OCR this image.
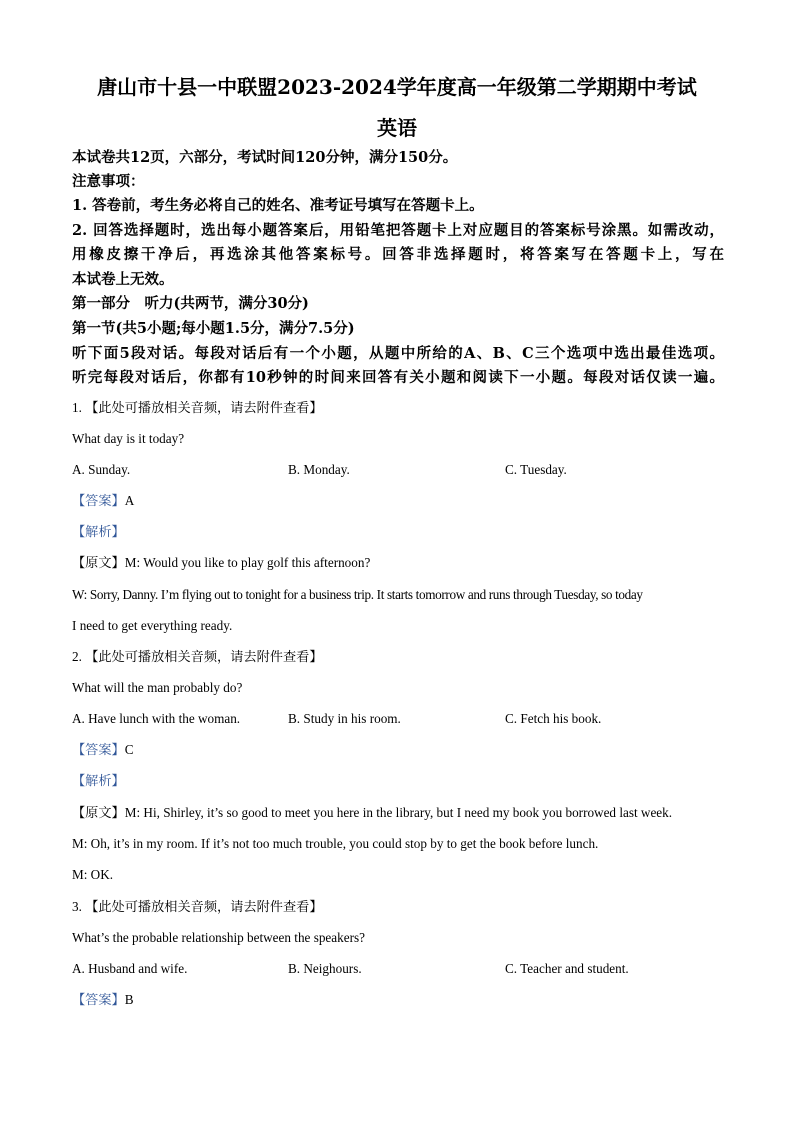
唐山市十县一中联盟2023-2024学年度高一年级第二学期期中考试
英语

本试卷共12页，六部分，考试时间120分钟，满分150分。

注意事项：

1. 答卷前，考生务必将自己的姓名、准考证号填写在答题卡上。

2. 回答选择题时，选出每小题答案后，用铅笔把答题卡上对应题目的答案标号涂黑。如需改动，

用橡皮擦干净后，再选涂其他答案标号。回答非选择题时，将答案写在答题卡上，写在

本试卷上无效。

第一部分　听力(共两节，满分30分)

第一节(共5小题;每小题1.5分，满分7.5分)

听下面5段对话。每段对话后有一个小题，从题中所给的A、B、C三个选项中选出最佳选项。

听完每段对话后，你都有10秒钟的时间来回答有关小题和阅读下一小题。每段对话仅读一遍。

1. 【此处可播放相关音频，请去附件查看】

What day is it today?

A. Sunday.	B. Monday.	C. Tuesday.

【答案】A

【解析】

【原文】M: Would you like to play golf this afternoon?

W: Sorry, Danny. I’m flying out to tonight for a business trip. It starts tomorrow and runs through Tuesday, so today

I need to get everything ready.

2. 【此处可播放相关音频，请去附件查看】

What will the man probably do?

A. Have lunch with the woman.	B. Study in his room.	C. Fetch his book.

【答案】C

【解析】

【原文】M: Hi, Shirley, it’s so good to meet you here in the library, but I need my book you borrowed last week.

M: Oh, it’s in my room. If it’s not too much trouble, you could stop by to get the book before lunch.

M: OK.

3. 【此处可播放相关音频，请去附件查看】

What’s the probable relationship between the speakers?

A. Husband and wife.	B. Neighours.	C. Teacher and student.

【答案】B
